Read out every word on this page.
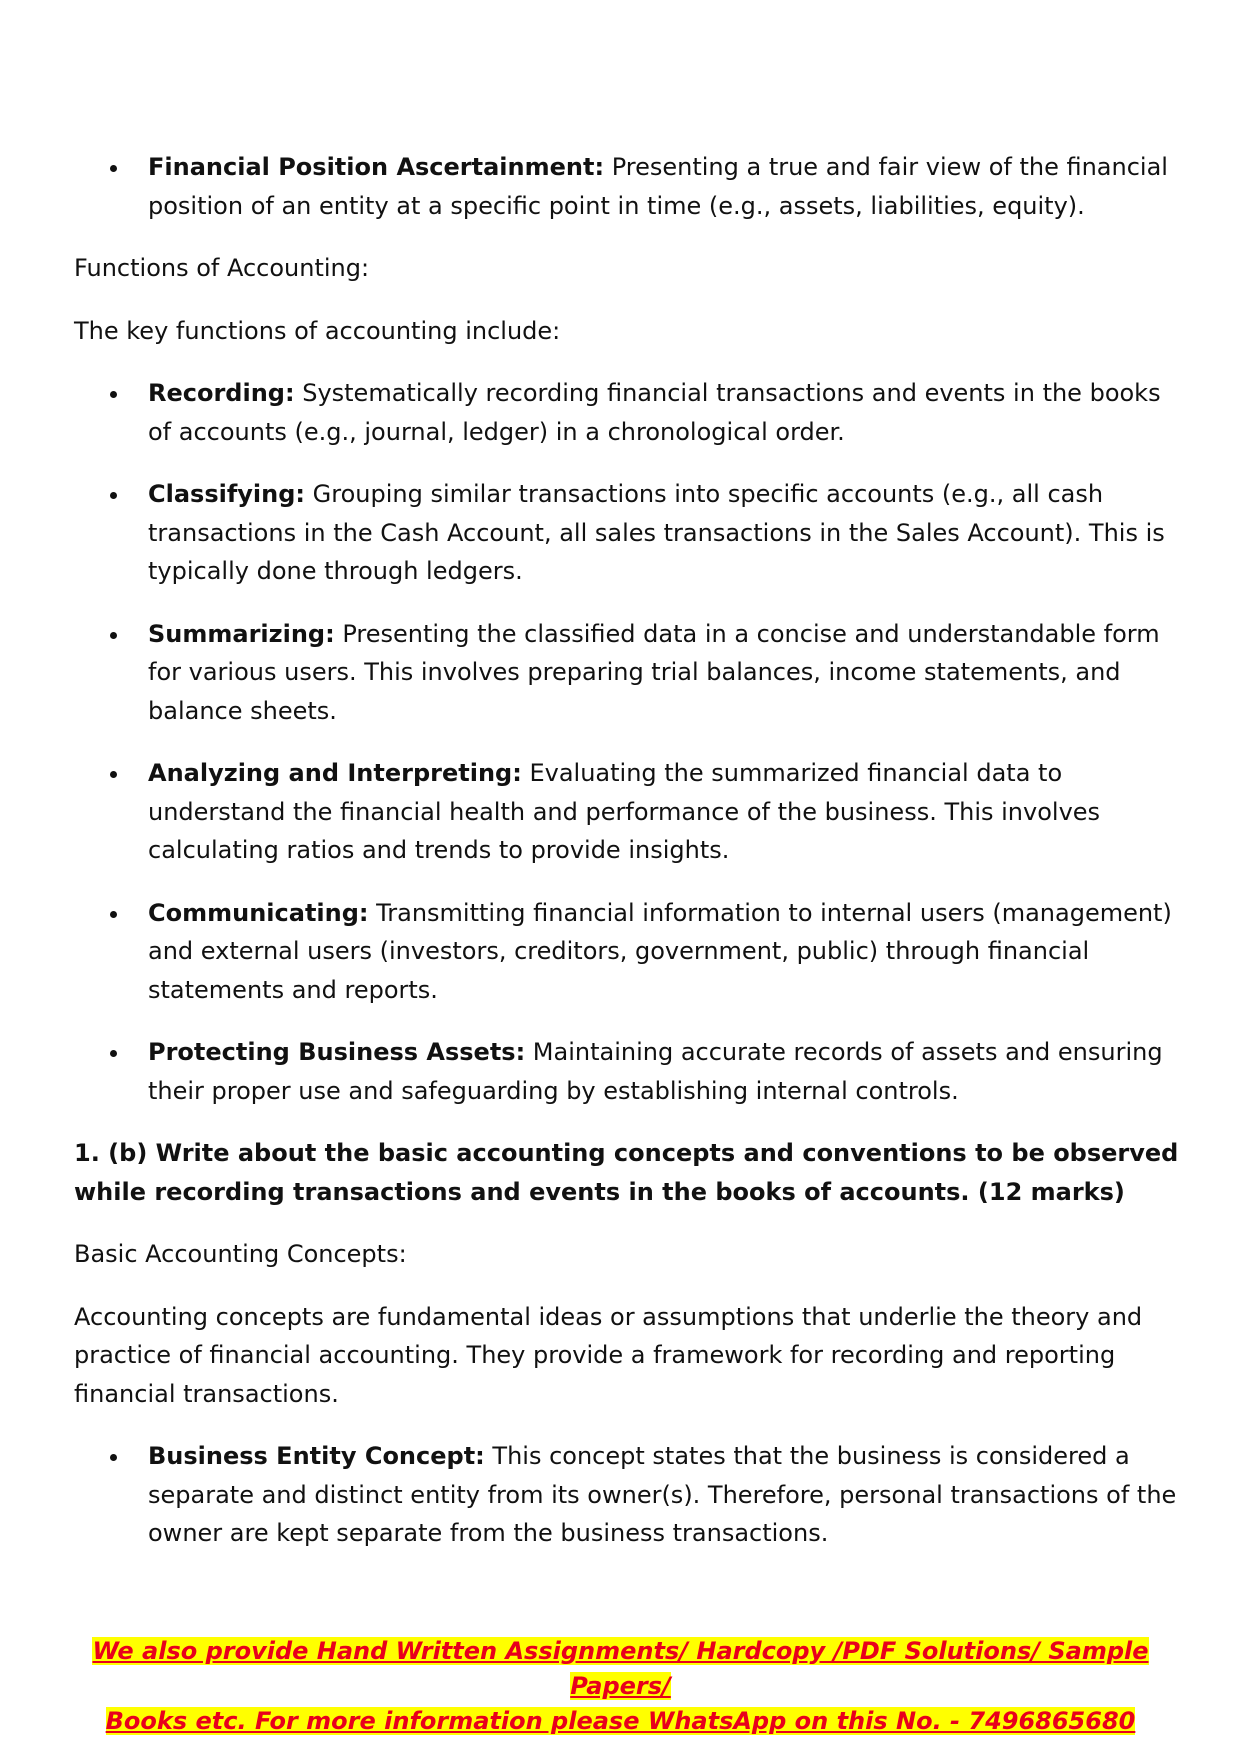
Financial Position Ascertainment: Presenting a true and fair view of the financial position of an entity at a specific point in time (e.g., assets, liabilities, equity).

Functions of Accounting:

The key functions of accounting include:

Recording: Systematically recording financial transactions and events in the books of accounts (e.g., journal, ledger) in a chronological order.
Classifying: Grouping similar transactions into specific accounts (e.g., all cash transactions in the Cash Account, all sales transactions in the Sales Account). This is typically done through ledgers.
Summarizing: Presenting the classified data in a concise and understandable form for various users. This involves preparing trial balances, income statements, and balance sheets.
Analyzing and Interpreting: Evaluating the summarized financial data to understand the financial health and performance of the business. This involves calculating ratios and trends to provide insights.
Communicating: Transmitting financial information to internal users (management) and external users (investors, creditors, government, public) through financial statements and reports.
Protecting Business Assets: Maintaining accurate records of assets and ensuring their proper use and safeguarding by establishing internal controls.

1. (b) Write about the basic accounting concepts and conventions to be observed while recording transactions and events in the books of accounts. (12 marks)

Basic Accounting Concepts:

Accounting concepts are fundamental ideas or assumptions that underlie the theory and practice of financial accounting. They provide a framework for recording and reporting financial transactions.

Business Entity Concept: This concept states that the business is considered a separate and distinct entity from its owner(s). Therefore, personal transactions of the owner are kept separate from the business transactions.
We also provide Hand Written Assignments/ Hardcopy /PDF Solutions/ Sample Papers/
Books etc. For more information please WhatsApp on this No. - 7496865680
